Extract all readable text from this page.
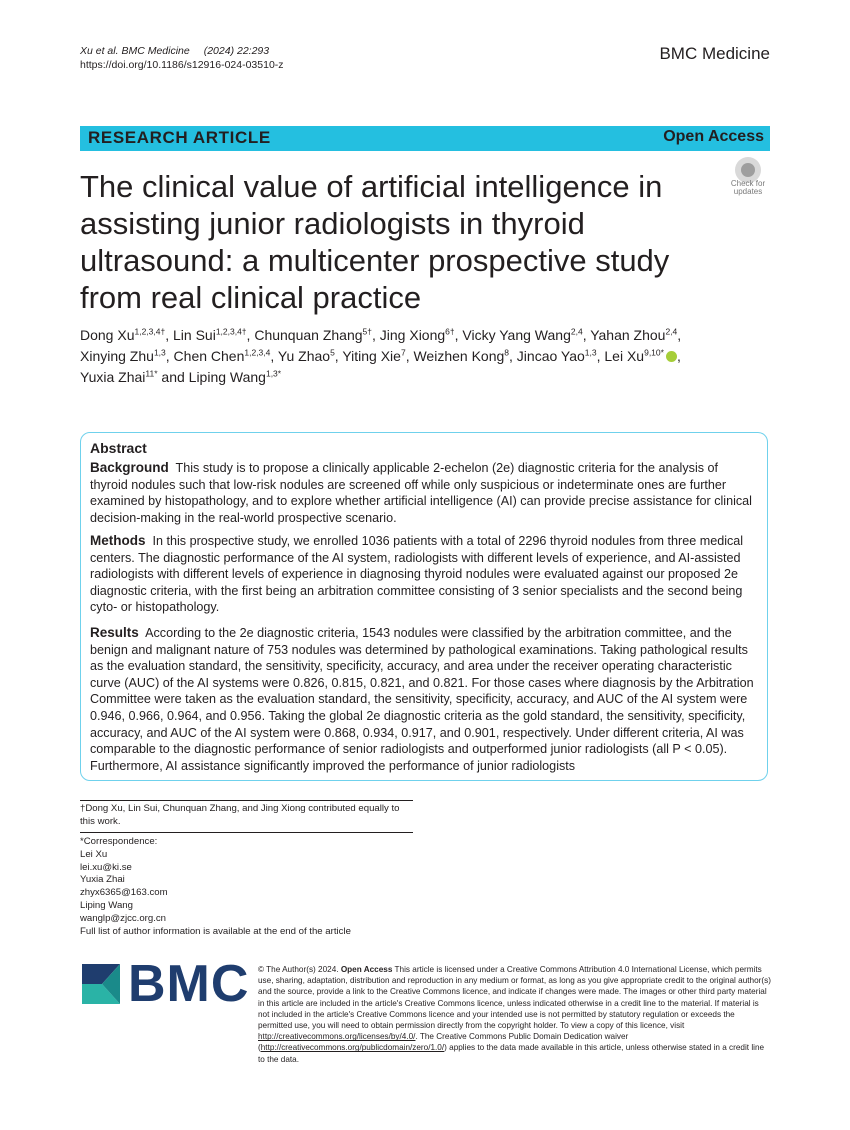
Xu et al. BMC Medicine (2024) 22:293
https://doi.org/10.1186/s12916-024-03510-z
BMC Medicine
RESEARCH ARTICLE	Open Access
Check for
updates
The clinical value of artificial intelligence in assisting junior radiologists in thyroid ultrasound: a multicenter prospective study from real clinical practice
Dong $Xu^{1,2,3,4\dagger}$, Lin Sui$^{1,2,3,4\dagger}$, Chunquan Zhang$^{5\dagger}$, Jing Xiong$^{6\dagger}$, Vicky Yang Wang$^{2,4}$, Yahan Zhou$^{2,4}$,
Xinying Zhu$^{1,3}$, Chen Chen$^{1,2,3,4}$, Yu Zhao$^5$, Yiting Xie$^7$, Weizhen Kong$^8$, Jincao Yao$^{1,3}$, Lei $Xu^{9,10*}$ ,
Yuxia Zhai$^{11*}$ and Liping Wang$^{1,3*}$
Abstract

Background This study is to propose a clinically applicable 2-echelon (2e) diagnostic criteria for the analysis of thyroid nodules such that low-risk nodules are screened off while only suspicious or indeterminate ones are further examined by histopathology, and to explore whether artificial intelligence (AI) can provide precise assistance for clinical decision-making in the real-world prospective scenario.

Methods In this prospective study, we enrolled 1036 patients with a total of 2296 thyroid nodules from three medical centers. The diagnostic performance of the AI system, radiologists with different levels of experience, and AI-assisted radiologists with different levels of experience in diagnosing thyroid nodules were evaluated against our proposed 2e diagnostic criteria, with the first being an arbitration committee consisting of 3 senior specialists and the second being cyto- or histopathology.

Results According to the 2e diagnostic criteria, 1543 nodules were classified by the arbitration committee, and the benign and malignant nature of 753 nodules was determined by pathological examinations. Taking pathological results as the evaluation standard, the sensitivity, specificity, accuracy, and area under the receiver operating characteristic curve (AUC) of the AI systems were 0.826, 0.815, 0.821, and 0.821. For those cases where diagnosis by the Arbitration Committee were taken as the evaluation standard, the sensitivity, specificity, accuracy, and AUC of the AI system were 0.946, 0.966, 0.964, and 0.956. Taking the global 2e diagnostic criteria as the gold standard, the sensitivity, specificity, accuracy, and AUC of the AI system were 0.868, 0.934, 0.917, and 0.901, respectively. Under different criteria, AI was comparable to the diagnostic performance of senior radiologists and outperformed junior radiologists (all P < 0.05). Furthermore, AI assistance significantly improved the performance of junior radiologists

†Dong Xu, Lin Sui, Chunquan Zhang, and Jing Xiong contributed equally to this work.
*Correspondence:
Lei Xu
lei.xu@ki.se
Yuxia Zhai
zhyx6365@163.com
Liping Wang
wanglp@zjcc.org.cn
Full list of author information is available at the end of the article
BMC © The Author(s) 2024. Open Access This article is licensed under a Creative Commons Attribution 4.0 International License, which permits use, sharing, adaptation, distribution and reproduction in any medium or format, as long as you give appropriate credit to the original author(s) and the source, provide a link to the Creative Commons licence, and indicate if changes were made. The images or other third party material in this article are included in the article's Creative Commons licence, unless indicated otherwise in a credit line to the material. If material is not included in the article's Creative Commons licence and your intended use is not permitted by statutory regulation or exceeds the permitted use, you will need to obtain permission directly from the copyright holder. To view a copy of this licence, visit http://creativecommons.org/licenses/by/4.0/. The Creative Commons Public Domain Dedication waiver (http://creativecommons.org/publicdomain/zero/1.0/) applies to the data made available in this article, unless otherwise stated in a credit line to the data.
